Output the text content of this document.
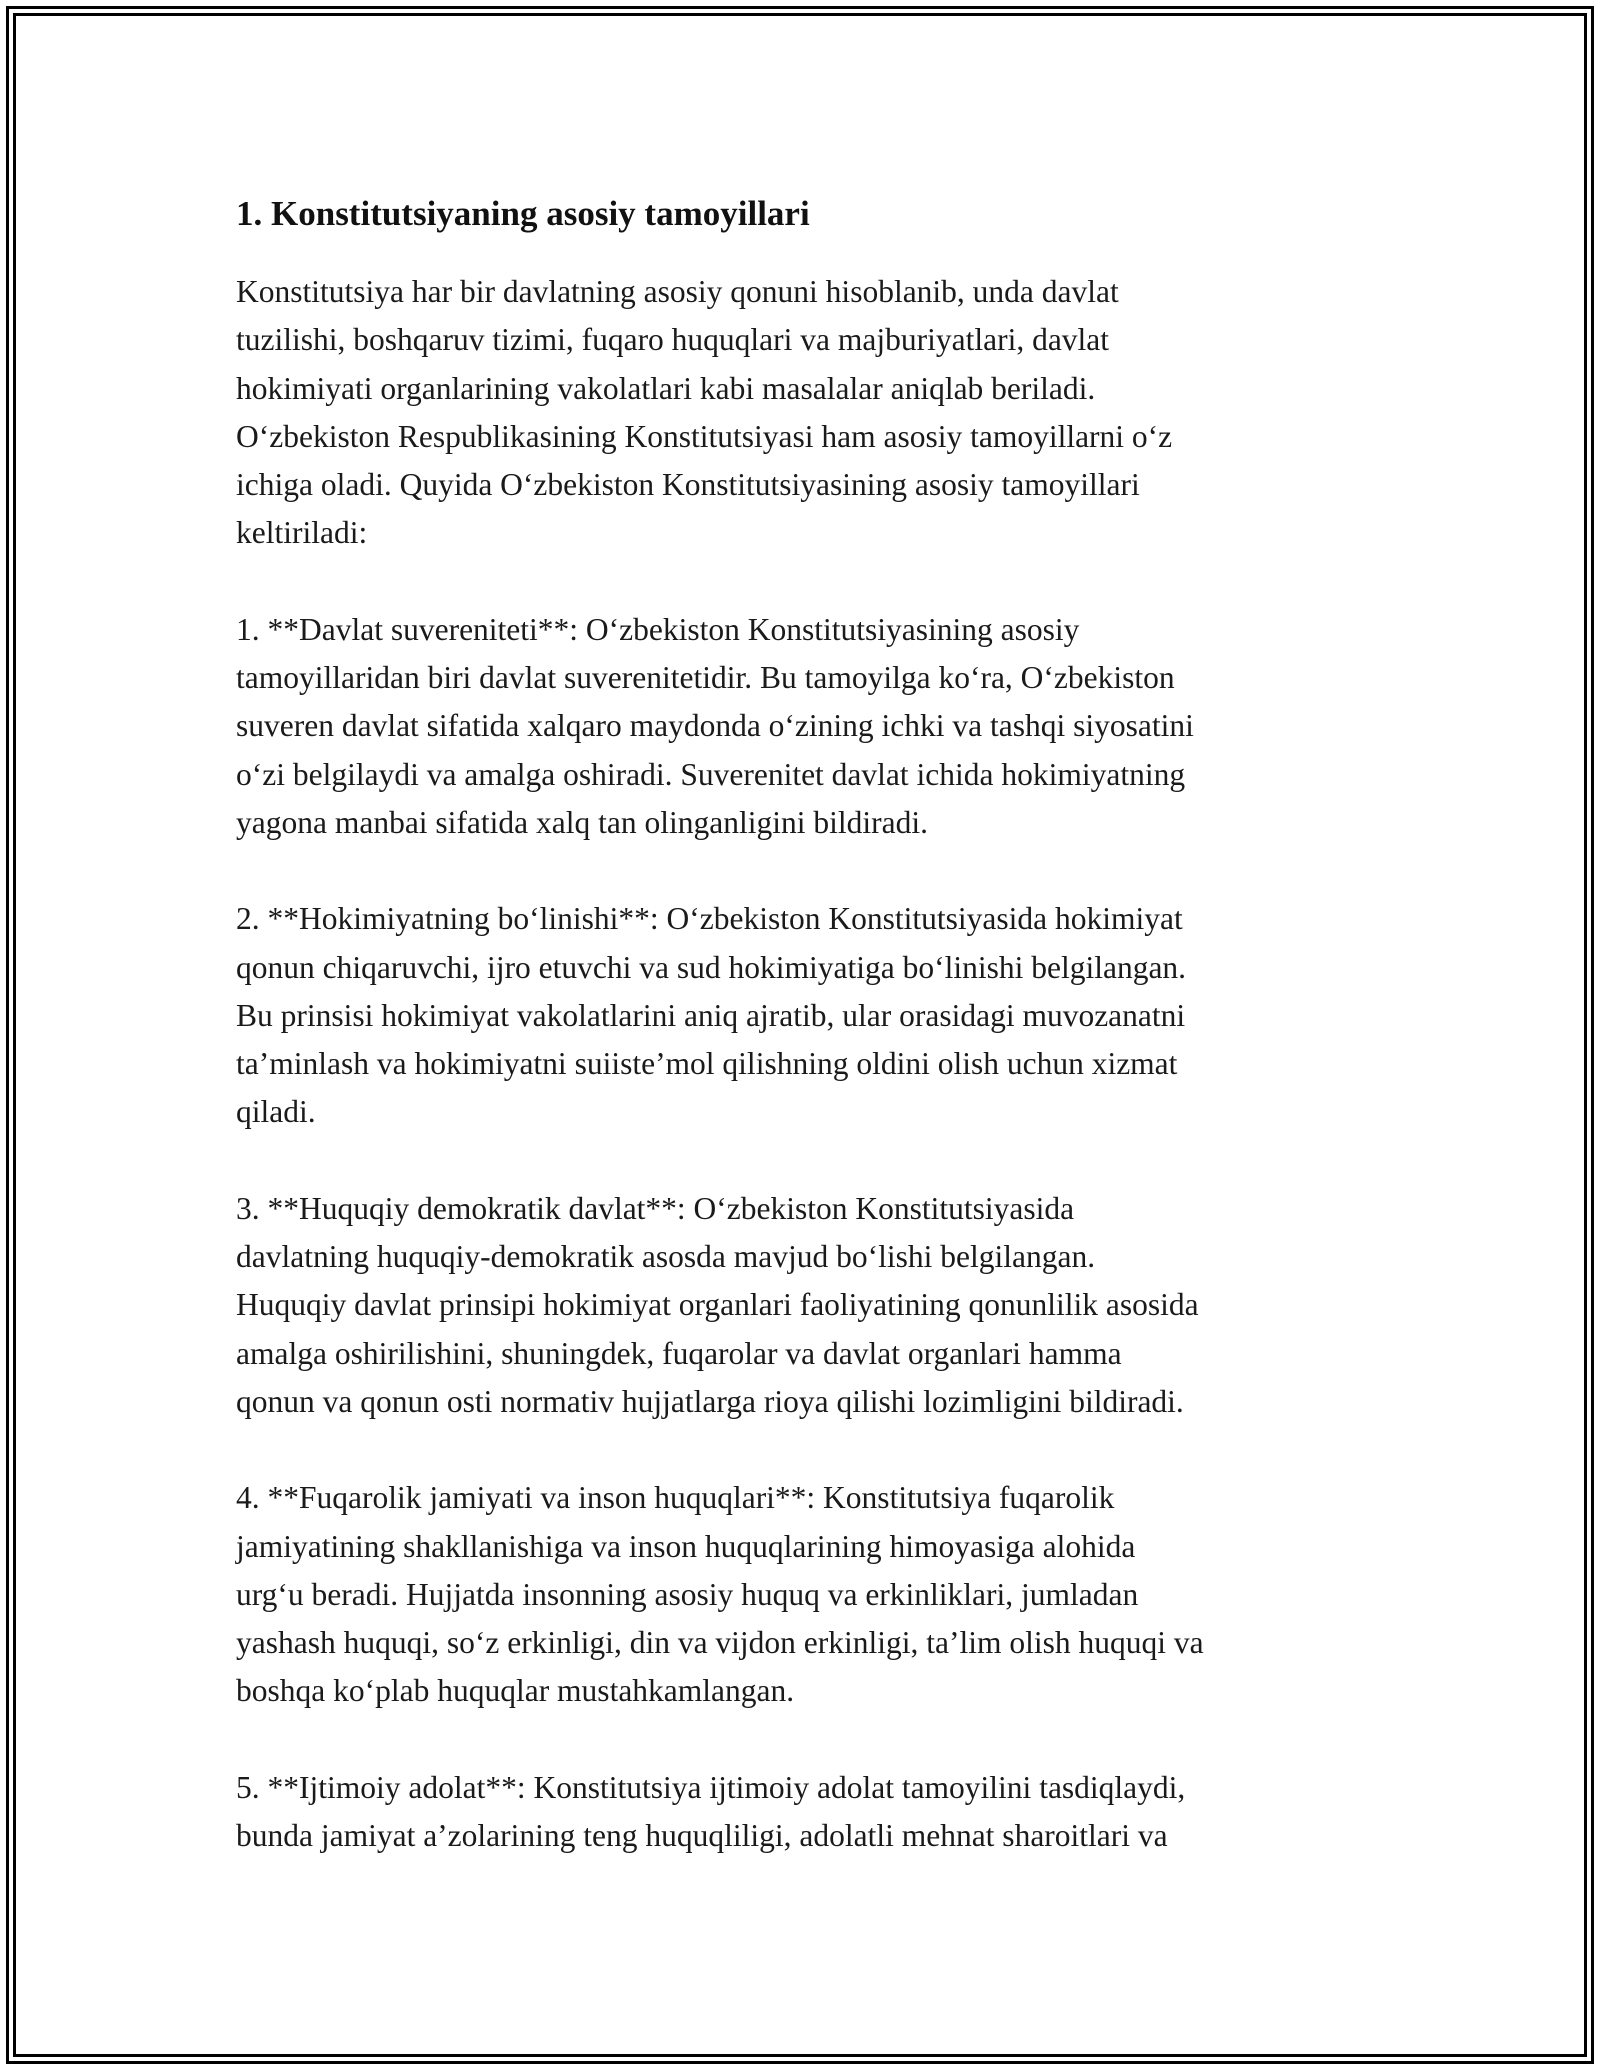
1. Konstitutsiyaning asosiy tamoyillari
Konstitutsiya har bir davlatning asosiy qonuni hisoblanib, unda davlat
tuzilishi, boshqaruv tizimi, fuqaro huquqlari va majburiyatlari, davlat
hokimiyati organlarining vakolatlari kabi masalalar aniqlab beriladi.
O‘zbekiston Respublikasining Konstitutsiyasi ham asosiy tamoyillarni o‘z
ichiga oladi. Quyida O‘zbekiston Konstitutsiyasining asosiy tamoyillari
keltiriladi:
1. **Davlat suvereniteti**: O‘zbekiston Konstitutsiyasining asosiy
tamoyillaridan biri davlat suverenitetidir. Bu tamoyilga ko‘ra, O‘zbekiston
suveren davlat sifatida xalqaro maydonda o‘zining ichki va tashqi siyosatini
o‘zi belgilaydi va amalga oshiradi. Suverenitet davlat ichida hokimiyatning
yagona manbai sifatida xalq tan olinganligini bildiradi.
2. **Hokimiyatning bo‘linishi**: O‘zbekiston Konstitutsiyasida hokimiyat
qonun chiqaruvchi, ijro etuvchi va sud hokimiyatiga bo‘linishi belgilangan.
Bu prinsisi hokimiyat vakolatlarini aniq ajratib, ular orasidagi muvozanatni
ta’minlash va hokimiyatni suiiste’mol qilishning oldini olish uchun xizmat
qiladi.
3. **Huquqiy demokratik davlat**: O‘zbekiston Konstitutsiyasida
davlatning huquqiy-demokratik asosda mavjud bo‘lishi belgilangan.
Huquqiy davlat prinsipi hokimiyat organlari faoliyatining qonunlilik asosida
amalga oshirilishini, shuningdek, fuqarolar va davlat organlari hamma
qonun va qonun osti normativ hujjatlarga rioya qilishi lozimligini bildiradi.
4. **Fuqarolik jamiyati va inson huquqlari**: Konstitutsiya fuqarolik
jamiyatining shakllanishiga va inson huquqlarining himoyasiga alohida
urg‘u beradi. Hujjatda insonning asosiy huquq va erkinliklari, jumladan
yashash huquqi, so‘z erkinligi, din va vijdon erkinligi, ta’lim olish huquqi va
boshqa ko‘plab huquqlar mustahkamlangan.
5. **Ijtimoiy adolat**: Konstitutsiya ijtimoiy adolat tamoyilini tasdiqlaydi,
bunda jamiyat a’zolarining teng huquqliligi, adolatli mehnat sharoitlari va
